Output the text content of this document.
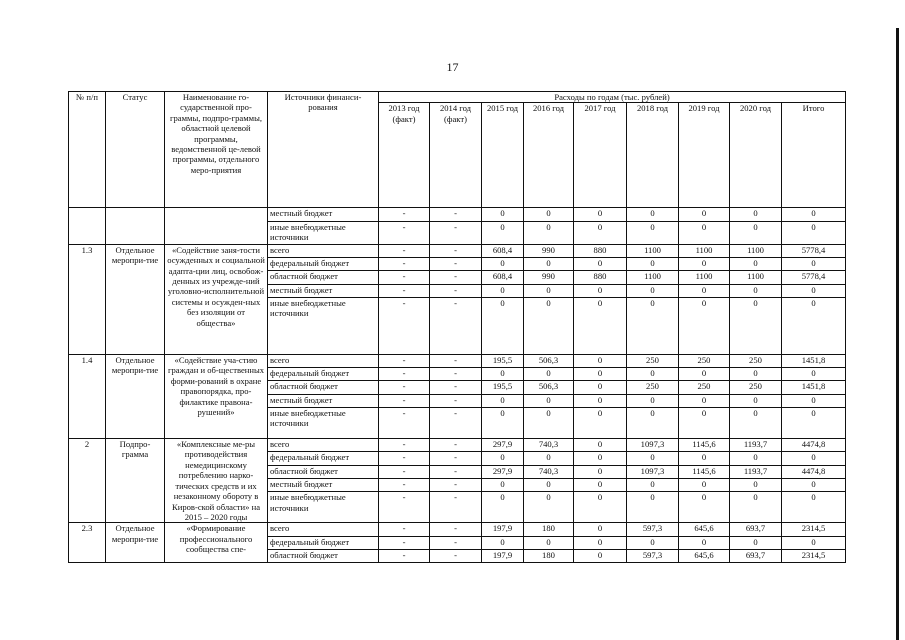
17
№ п/п	Статус	Наименование го-сударственной про-граммы, подпро-граммы, областной целевой программы, ведомственной це-левой программы, отдельного меро-приятия	Источники финанси-рования	Расходы по годам (тыс. рублей)								
				2013 год (факт)	2014 год (факт)	2015 год	2016 год	2017 год	2018 год	2019 год	2020 год	Итого
			местный бюджет	-	-	0	0	0	0	0	0	0
			иные внебюджетные источники	-	-	0	0	0	0	0	0	0
1.3	Отдельное меропри-тие	«Содействие заня-тости осужденных и социальной адапта-ции лиц, освобож-денных из учрежде-ний уголовно-исполнительной системы и осужден-ных без изоляции от общества»	всего	-	-	608,4	990	880	1100	1100	1100	5778,4
			федеральный бюджет	-	-	0	0	0	0	0	0	0
			областной бюджет	-	-	608,4	990	880	1100	1100	1100	5778,4
			местный бюджет	-	-	0	0	0	0	0	0	0
			иные внебюджетные источники	-	-	0	0	0	0	0	0	0
1.4	Отдельное меропри-тие	«Содействие уча-стию граждан и об-щественных форми-рований в охране правопорядка, про-филактике правона-рушений»	всего	-	-	195,5	506,3	0	250	250	250	1451,8
			федеральный бюджет	-	-	0	0	0	0	0	0	0
			областной бюджет	-	-	195,5	506,3	0	250	250	250	1451,8
			местный бюджет	-	-	0	0	0	0	0	0	0
			иные внебюджетные источники	-	-	0	0	0	0	0	0	0
2	Подпро-грамма	«Комплексные ме-ры противодействия немедицинскому потреблению нарко-тических средств и их незаконному обороту в Киров-ской области» на 2015 – 2020 годы	всего	-	-	297,9	740,3	0	1097,3	1145,6	1193,7	4474,8
			федеральный бюджет	-	-	0	0	0	0	0	0	0
			областной бюджет	-	-	297,9	740,3	0	1097,3	1145,6	1193,7	4474,8
			местный бюджет	-	-	0	0	0	0	0	0	0
			иные внебюджетные источники	-	-	0	0	0	0	0	0	0
2.3	Отдельное меропри-тие	«Формирование профессионального сообщества спе-	всего	-	-	197,9	180	0	597,3	645,6	693,7	2314,5
			федеральный бюджет	-	-	0	0	0	0	0	0	0
			областной бюджет	-	-	197,9	180	0	597,3	645,6	693,7	2314,5
